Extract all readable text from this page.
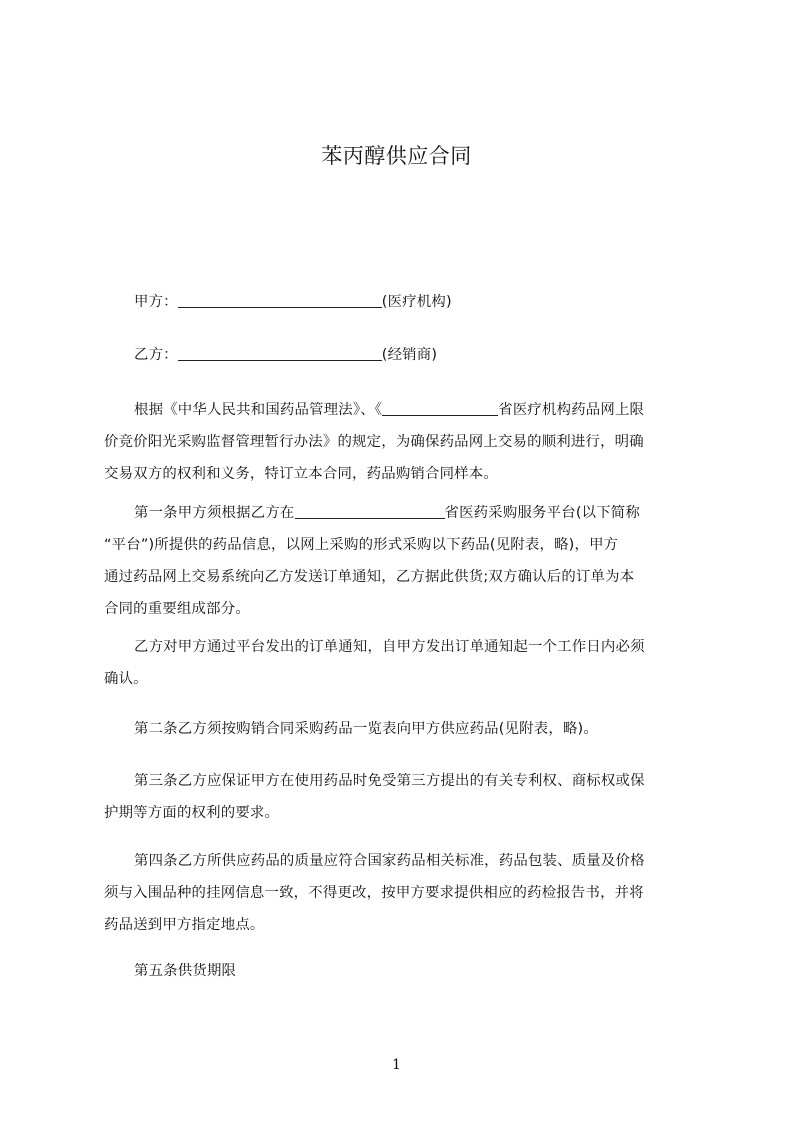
苯丙醇供应合同
甲方：	(医疗机构)
乙方：	(经销商)
根据《中华人民共和国药品管理法》、《	省医疗机构药品网上限
价竞价阳光采购监督管理暂行办法》的规定，为确保药品网上交易的顺利进行，明确
交易双方的权利和义务，特订立本合同，药品购销合同样本。
第一条甲方须根据乙方在	省医药采购服务平台(以下简称
“平台”)所提供的药品信息，以网上采购的形式采购以下药品(见附表，略)，甲方
通过药品网上交易系统向乙方发送订单通知，乙方据此供货;双方确认后的订单为本
合同的重要组成部分。
乙方对甲方通过平台发出的订单通知，自甲方发出订单通知起一个工作日内必须
确认。
第二条乙方须按购销合同采购药品一览表向甲方供应药品(见附表，略)。
第三条乙方应保证甲方在使用药品时免受第三方提出的有关专利权、商标权或保
护期等方面的权利的要求。
第四条乙方所供应药品的质量应符合国家药品相关标准，药品包装、质量及价格
须与入围品种的挂网信息一致，不得更改，按甲方要求提供相应的药检报告书，并将
药品送到甲方指定地点。
第五条供货期限
1
